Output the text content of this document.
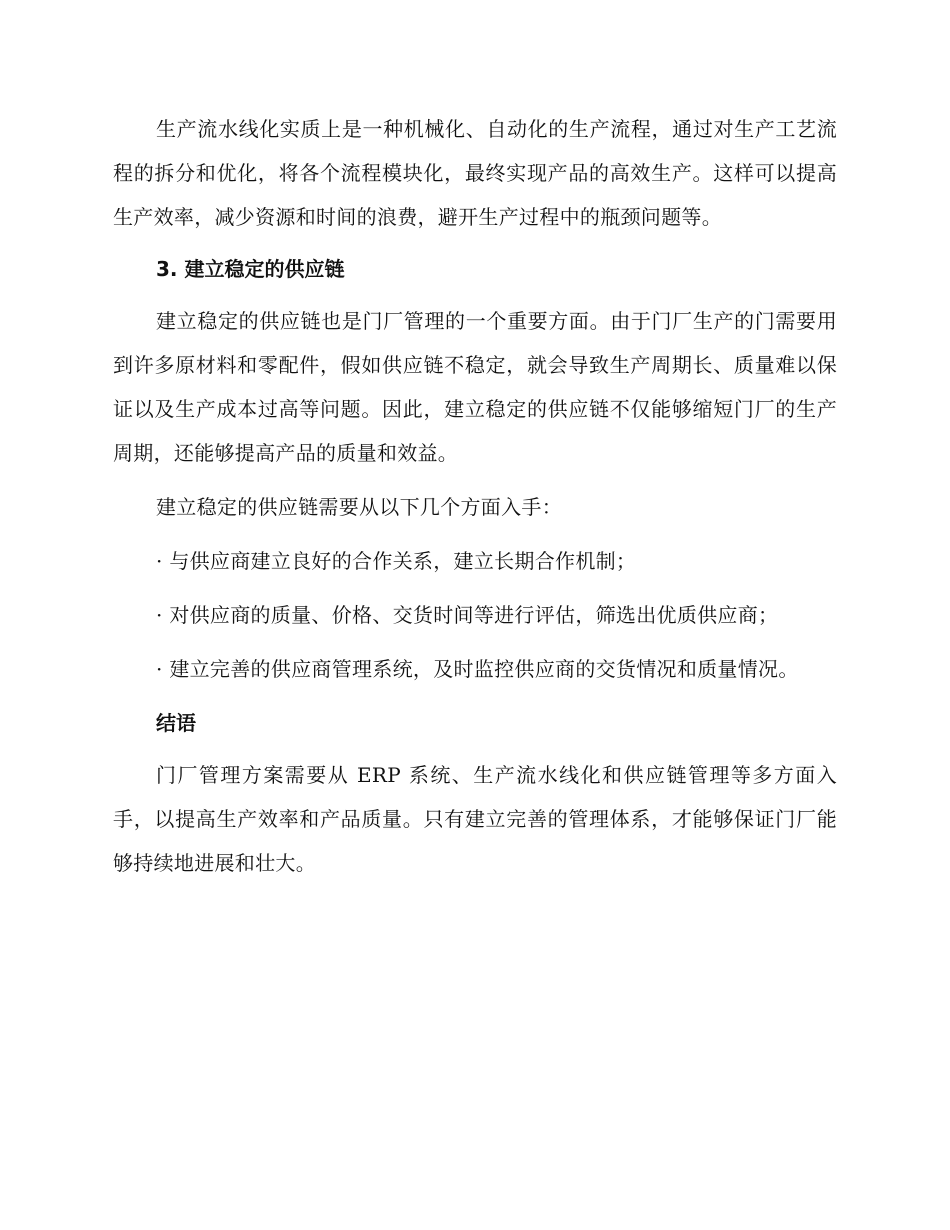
生产流水线化实质上是一种机械化、自动化的生产流程，通过对生产工艺流程的拆分和优化，将各个流程模块化，最终实现产品的高效生产。这样可以提高生产效率，减少资源和时间的浪费，避开生产过程中的瓶颈问题等。

3. 建立稳定的供应链

建立稳定的供应链也是门厂管理的一个重要方面。由于门厂生产的门需要用到许多原材料和零配件，假如供应链不稳定，就会导致生产周期长、质量难以保证以及生产成本过高等问题。因此，建立稳定的供应链不仅能够缩短门厂的生产周期，还能够提高产品的质量和效益。

建立稳定的供应链需要从以下几个方面入手：

· 与供应商建立良好的合作关系，建立长期合作机制；

· 对供应商的质量、价格、交货时间等进行评估，筛选出优质供应商；

· 建立完善的供应商管理系统，及时监控供应商的交货情况和质量情况。

结语

门厂管理方案需要从 ERP 系统、生产流水线化和供应链管理等多方面入手，以提高生产效率和产品质量。只有建立完善的管理体系，才能够保证门厂能够持续地进展和壮大。
